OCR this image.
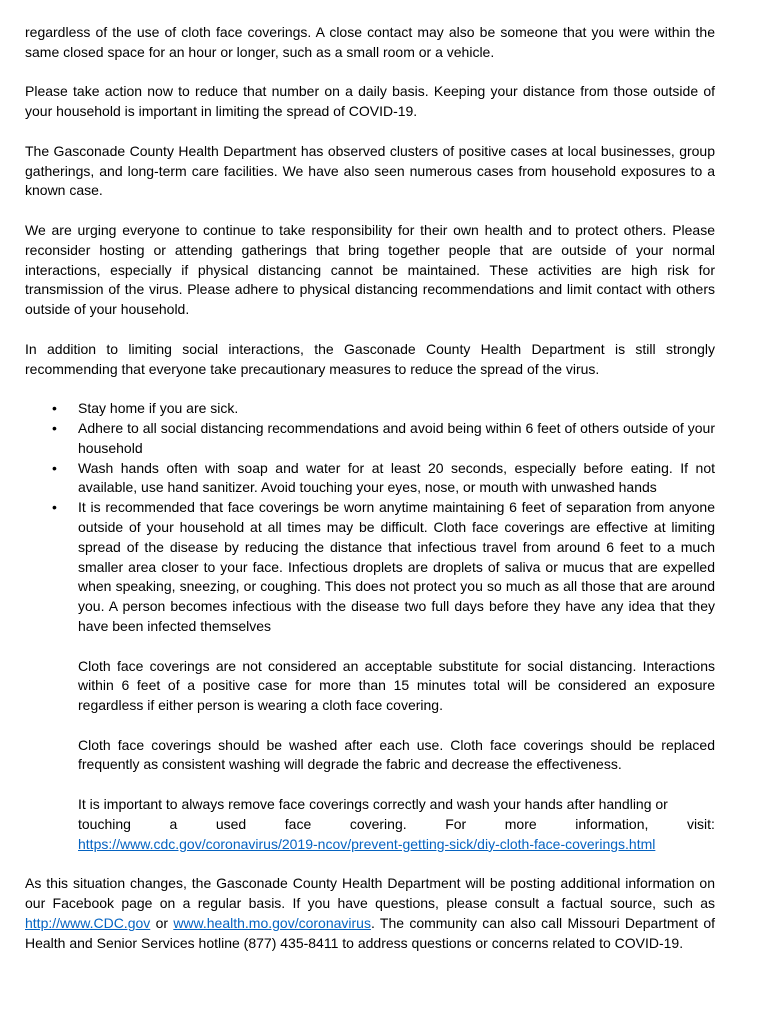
regardless of the use of cloth face coverings. A close contact may also be someone that you were within the same closed space for an hour or longer, such as a small room or a vehicle.

Please take action now to reduce that number on a daily basis. Keeping your distance from those outside of your household is important in limiting the spread of COVID-19.

The Gasconade County Health Department has observed clusters of positive cases at local businesses, group gatherings, and long-term care facilities. We have also seen numerous cases from household exposures to a known case.

We are urging everyone to continue to take responsibility for their own health and to protect others. Please reconsider hosting or attending gatherings that bring together people that are outside of your normal interactions, especially if physical distancing cannot be maintained. These activities are high risk for transmission of the virus. Please adhere to physical distancing recommendations and limit contact with others outside of your household.

In addition to limiting social interactions, the Gasconade County Health Department is still strongly recommending that everyone take precautionary measures to reduce the spread of the virus.

• Stay home if you are sick.
• Adhere to all social distancing recommendations and avoid being within 6 feet of others outside of your household
• Wash hands often with soap and water for at least 20 seconds, especially before eating. If not available, use hand sanitizer. Avoid touching your eyes, nose, or mouth with unwashed hands
• It is recommended that face coverings be worn anytime maintaining 6 feet of separation from anyone outside of your household at all times may be difficult. Cloth face coverings are effective at limiting spread of the disease by reducing the distance that infectious travel from around 6 feet to a much smaller area closer to your face. Infectious droplets are droplets of saliva or mucus that are expelled when speaking, sneezing, or coughing. This does not protect you so much as all those that are around you. A person becomes infectious with the disease two full days before they have any idea that they have been infected themselves

Cloth face coverings are not considered an acceptable substitute for social distancing. Interactions within 6 feet of a positive case for more than 15 minutes total will be considered an exposure regardless if either person is wearing a cloth face covering.

Cloth face coverings should be washed after each use. Cloth face coverings should be replaced frequently as consistent washing will degrade the fabric and decrease the effectiveness.

It is important to always remove face coverings correctly and wash your hands after handling or
touching	a	used	face	covering.	For	more	information,	visit:
https://www.cdc.gov/coronavirus/2019-ncov/prevent-getting-sick/diy-cloth-face-coverings.html

As this situation changes, the Gasconade County Health Department will be posting additional information on our Facebook page on a regular basis. If you have questions, please consult a factual source, such as http://www.CDC.gov or www.health.mo.gov/coronavirus. The community can also call Missouri Department of Health and Senior Services hotline (877) 435-8411 to address questions or concerns related to COVID-19.
